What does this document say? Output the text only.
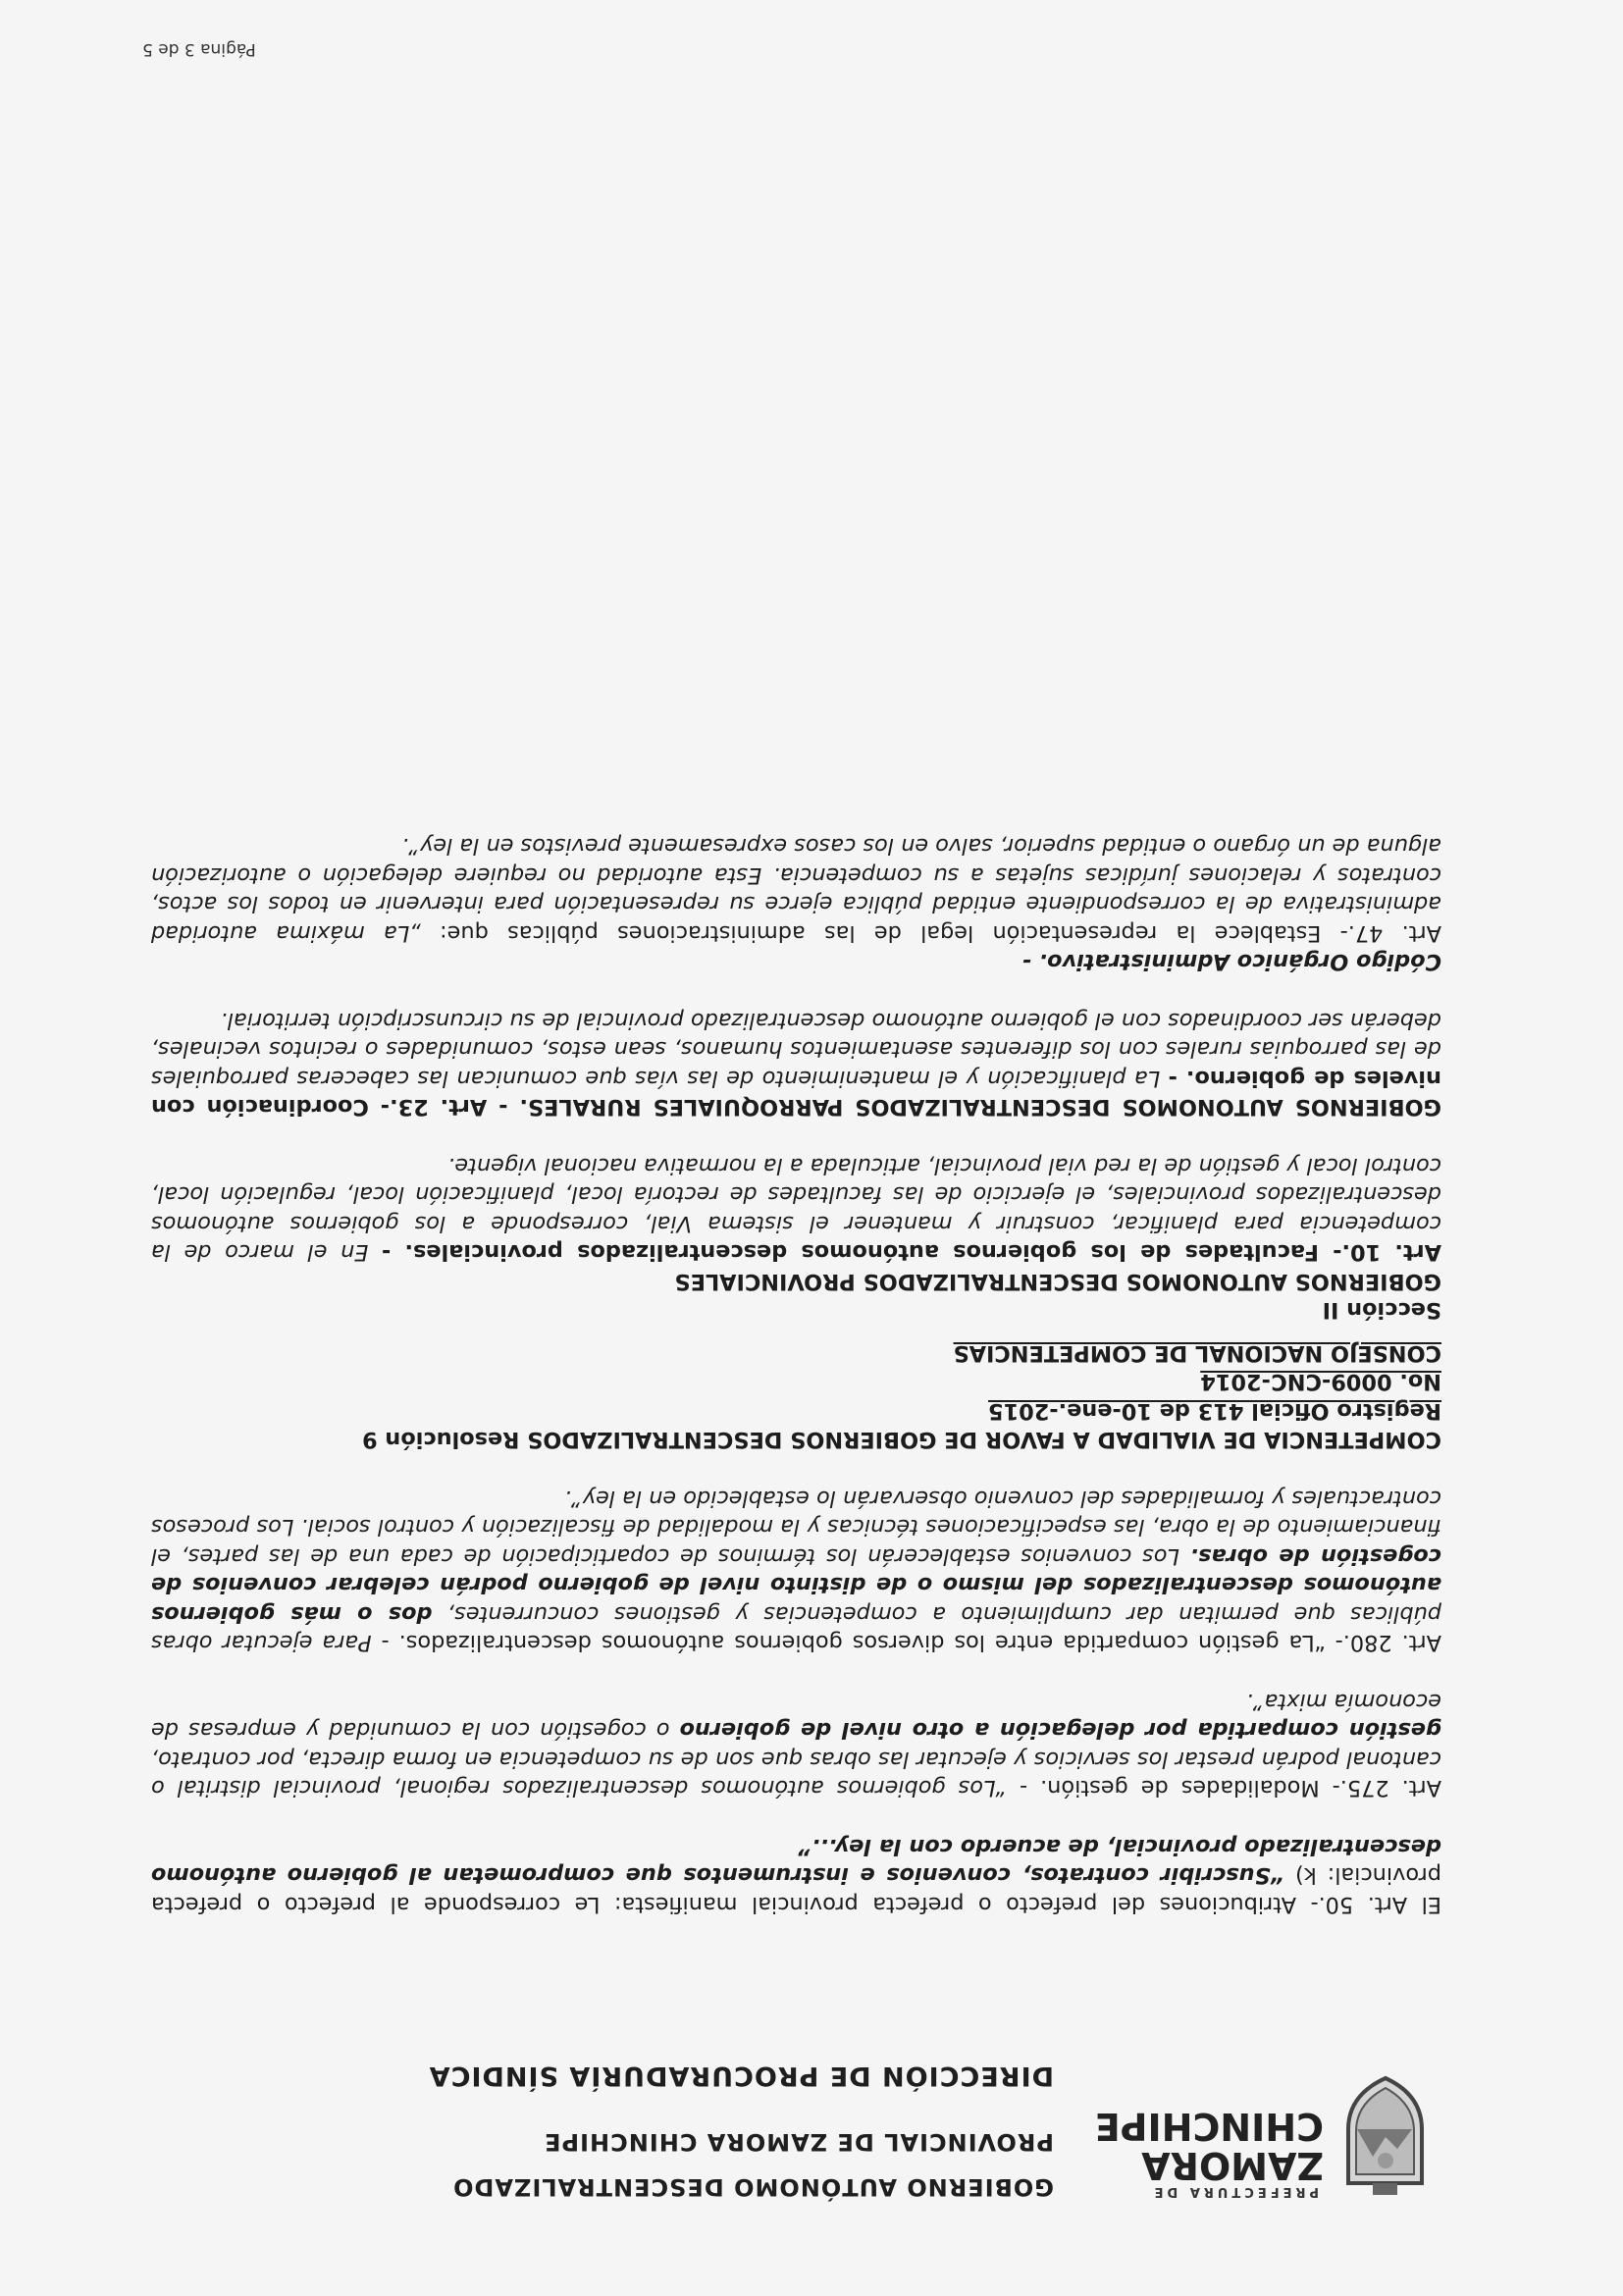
PREFECTURA DE
ZAMORA
CHINCHIPE
GOBIERNO AUTÓNOMO DESCENTRALIZADO
PROVINCIAL DE ZAMORA CHINCHIPE
DIRECCIÓN DE PROCURADURÍA SÍNDICA

El Art. 50.- Atribuciones del prefecto o prefecta provincial manifiesta: Le corresponde al prefecto o prefecta provincial: k) “Suscribir contratos, convenios e instrumentos que comprometan al gobierno autónomo descentralizado provincial, de acuerdo con la ley...”

Art. 275.- Modalidades de gestión. - “Los gobiernos autónomos descentralizados regional, provincial distrital o cantonal podrán prestar los servicios y ejecutar las obras que son de su competencia en forma directa, por contrato, gestión compartida por delegación a otro nivel de gobierno o cogestión con la comunidad y empresas de economía mixta”.

Art. 280.- “La gestión compartida entre los diversos gobiernos autónomos descentralizados. - Para ejecutar obras públicas que permitan dar cumplimiento a competencias y gestiones concurrentes, dos o más gobiernos autónomos descentralizados del mismo o de distinto nivel de gobierno podrán celebrar convenios de cogestión de obras. Los convenios establecerán los términos de coparticipación de cada una de las partes, el financiamiento de la obra, las especificaciones técnicas y la modalidad de fiscalización y control social. Los procesos contractuales y formalidades del convenio observarán lo establecido en la ley”.

COMPETENCIA DE VIALIDAD A FAVOR DE GOBIERNOS DESCENTRALIZADOS Resolución 9
Registro Oficial 413 de 10-ene.-2015
No. 0009-CNC-2014
CONSEJO NACIONAL DE COMPETENCIAS
Sección II
GOBIERNOS AUTONOMOS DESCENTRALIZADOS PROVINCIALES

Art. 10.- Facultades de los gobiernos autónomos descentralizados provinciales. - En el marco de la competencia para planificar, construir y mantener el sistema Vial, corresponde a los gobiernos autónomos descentralizados provinciales, el ejercicio de las facultades de rectoría local, planificación local, regulación local, control local y gestión de la red vial provincial, articulada a la normativa nacional vigente.

GOBIERNOS AUTONOMOS DESCENTRALIZADOS PARROQUIALES RURALES. - Art. 23.- Coordinación con niveles de gobierno. - La planificación y el mantenimiento de las vías que comunican las cabeceras parroquiales de las parroquias rurales con los diferentes asentamientos humanos, sean estos, comunidades o recintos vecinales, deberán ser coordinados con el gobierno autónomo descentralizado provincial de su circunscripción territorial.

Código Orgánico Administrativo. -

Art. 47.- Establece la representación legal de las administraciones públicas que: „La máxima autoridad administrativa de la correspondiente entidad pública ejerce su representación para intervenir en todos los actos, contratos y relaciones jurídicas sujetas a su competencia. Esta autoridad no requiere delegación o autorización alguna de un órgano o entidad superior, salvo en los casos expresamente previstos en la ley”.

Página 3 de 5
